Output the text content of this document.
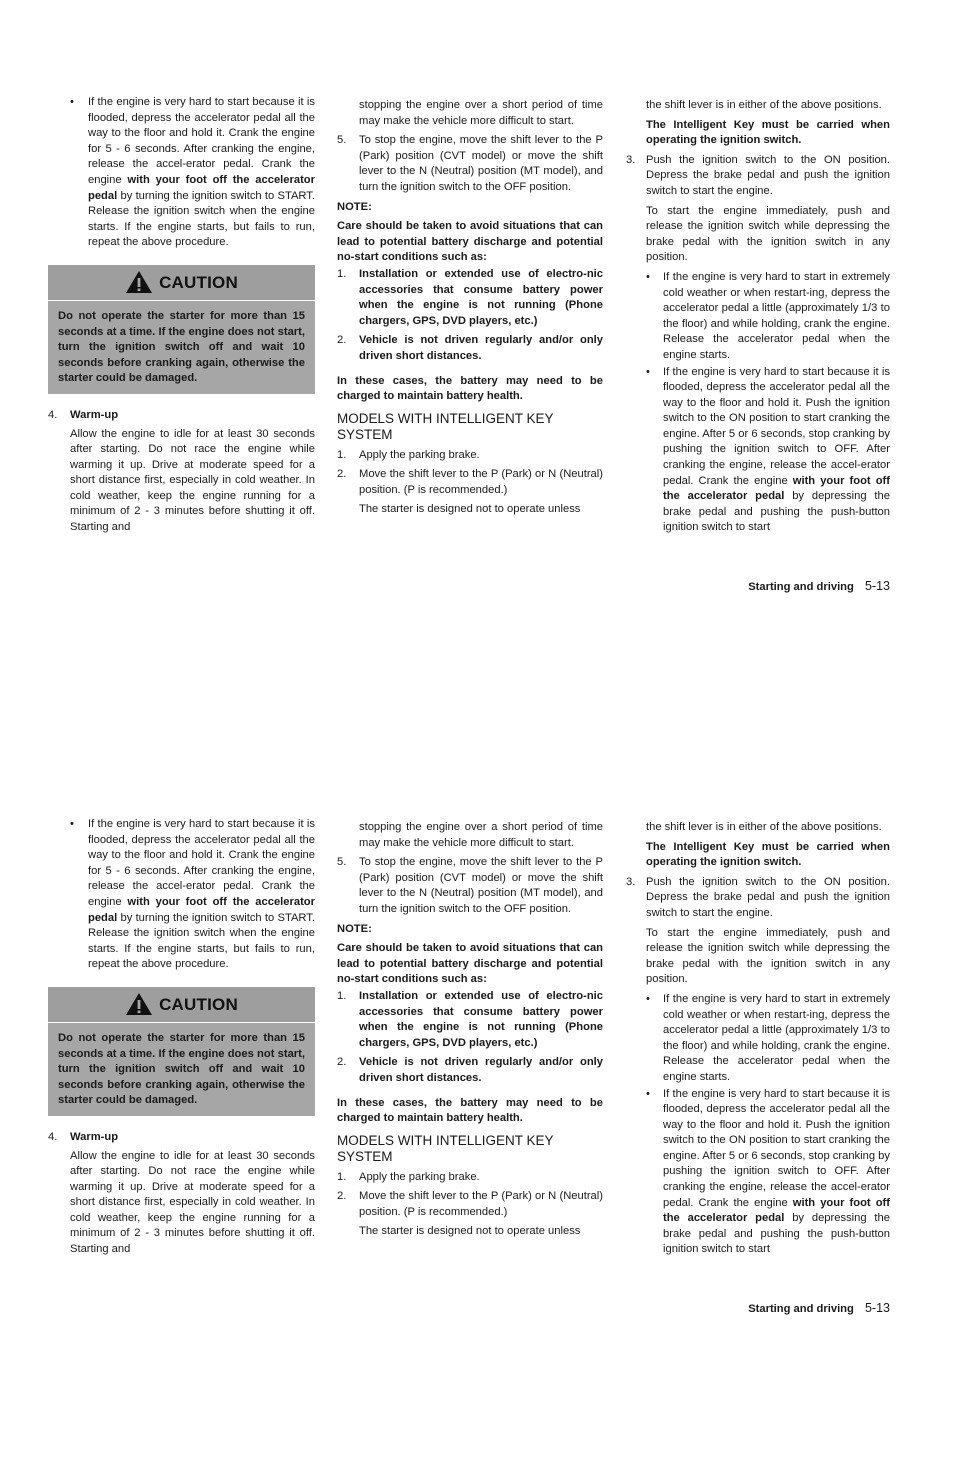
• If the engine is very hard to start because it is flooded, depress the accelerator pedal all the way to the floor and hold it. Crank the engine for 5 - 6 seconds. After cranking the engine, release the accel-erator pedal. Crank the engine with your foot off the accelerator pedal by turning the ignition switch to START. Release the ignition switch when the engine starts. If the engine starts, but fails to run, repeat the above procedure.
CAUTION
Do not operate the starter for more than 15 seconds at a time. If the engine does not start, turn the ignition switch off and wait 10 seconds before cranking again, otherwise the starter could be damaged.
4. Warm-up

Allow the engine to idle for at least 30 seconds after starting. Do not race the engine while warming it up. Drive at moderate speed for a short distance first, especially in cold weather. In cold weather, keep the engine running for a minimum of 2 - 3 minutes before shutting it off. Starting and

stopping the engine over a short period of time may make the vehicle more difficult to start.

5. To stop the engine, move the shift lever to the P (Park) position (CVT model) or move the shift lever to the N (Neutral) position (MT model), and turn the ignition switch to the OFF position.

NOTE:

Care should be taken to avoid situations that can lead to potential battery discharge and potential no-start conditions such as:

1. Installation or extended use of electro-nic accessories that consume battery power when the engine is not running (Phone chargers, GPS, DVD players, etc.)
2. Vehicle is not driven regularly and/or only driven short distances.

In these cases, the battery may need to be charged to maintain battery health.

MODELS WITH INTELLIGENT KEY SYSTEM
1. Apply the parking brake.
2. Move the shift lever to the P (Park) or N (Neutral) position. (P is recommended.)

The starter is designed not to operate unless

the shift lever is in either of the above positions.

The Intelligent Key must be carried when operating the ignition switch.

3. Push the ignition switch to the ON position. Depress the brake pedal and push the ignition switch to start the engine.

To start the engine immediately, push and release the ignition switch while depressing the brake pedal with the ignition switch in any position.

• If the engine is very hard to start in extremely cold weather or when restart-ing, depress the accelerator pedal a little (approximately 1/3 to the floor) and while holding, crank the engine. Release the accelerator pedal when the engine starts.
• If the engine is very hard to start because it is flooded, depress the accelerator pedal all the way to the floor and hold it. Push the ignition switch to the ON position to start cranking the engine. After 5 or 6 seconds, stop cranking by pushing the ignition switch to OFF. After cranking the engine, release the accel-erator pedal. Crank the engine with your foot off the accelerator pedal by depressing the brake pedal and pushing the push-button ignition switch to start
Starting and driving 5-13
• If the engine is very hard to start because it is flooded, depress the accelerator pedal all the way to the floor and hold it. Crank the engine for 5 - 6 seconds. After cranking the engine, release the accel-erator pedal. Crank the engine with your foot off the accelerator pedal by turning the ignition switch to START. Release the ignition switch when the engine starts. If the engine starts, but fails to run, repeat the above procedure.
CAUTION
Do not operate the starter for more than 15 seconds at a time. If the engine does not start, turn the ignition switch off and wait 10 seconds before cranking again, otherwise the starter could be damaged.
4. Warm-up

Allow the engine to idle for at least 30 seconds after starting. Do not race the engine while warming it up. Drive at moderate speed for a short distance first, especially in cold weather. In cold weather, keep the engine running for a minimum of 2 - 3 minutes before shutting it off. Starting and

stopping the engine over a short period of time may make the vehicle more difficult to start.

5. To stop the engine, move the shift lever to the P (Park) position (CVT model) or move the shift lever to the N (Neutral) position (MT model), and turn the ignition switch to the OFF position.

NOTE:

Care should be taken to avoid situations that can lead to potential battery discharge and potential no-start conditions such as:

1. Installation or extended use of electro-nic accessories that consume battery power when the engine is not running (Phone chargers, GPS, DVD players, etc.)
2. Vehicle is not driven regularly and/or only driven short distances.

In these cases, the battery may need to be charged to maintain battery health.

MODELS WITH INTELLIGENT KEY SYSTEM
1. Apply the parking brake.
2. Move the shift lever to the P (Park) or N (Neutral) position. (P is recommended.)

The starter is designed not to operate unless

the shift lever is in either of the above positions.

The Intelligent Key must be carried when operating the ignition switch.

3. Push the ignition switch to the ON position. Depress the brake pedal and push the ignition switch to start the engine.

To start the engine immediately, push and release the ignition switch while depressing the brake pedal with the ignition switch in any position.

• If the engine is very hard to start in extremely cold weather or when restart-ing, depress the accelerator pedal a little (approximately 1/3 to the floor) and while holding, crank the engine. Release the accelerator pedal when the engine starts.
• If the engine is very hard to start because it is flooded, depress the accelerator pedal all the way to the floor and hold it. Push the ignition switch to the ON position to start cranking the engine. After 5 or 6 seconds, stop cranking by pushing the ignition switch to OFF. After cranking the engine, release the accel-erator pedal. Crank the engine with your foot off the accelerator pedal by depressing the brake pedal and pushing the push-button ignition switch to start
Starting and driving 5-13
